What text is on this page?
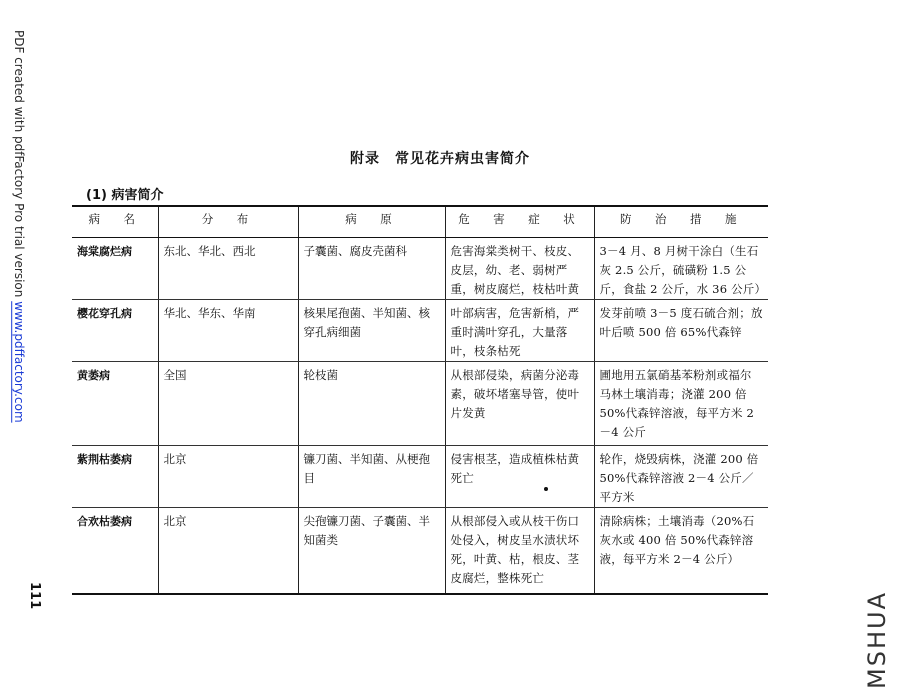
PDF created with pdfFactory Pro trial version www.pdffactory.com
附录　常见花卉病虫害简介
(1) 病害简介
病　名	分　布	病　原	危　害　症　状	防　治　措　施
海棠腐烂病	东北、华北、西北	子囊菌、腐皮壳菌科	危害海棠类树干、枝皮、皮层，幼、老、弱树严重，树皮腐烂，枝枯叶黄	3－4 月、8 月树干涂白（生石灰 2.5 公斤，硫磺粉 1.5 公斤，食盐 2 公斤，水 36 公斤）
樱花穿孔病	华北、华东、华南	核果尾孢菌、半知菌、核穿孔病细菌	叶部病害，危害新梢，严重时满叶穿孔，大量落叶，枝条枯死	发芽前喷 3－5 度石硫合剂；放叶后喷 500 倍 65%代森锌
黄萎病	全国	轮枝菌	从根部侵染，病菌分泌毒素，破坏堵塞导管，使叶片发黄	圃地用五氯硝基苯粉剂或福尔马林土壤消毒；浇灌 200 倍 50%代森锌溶液，每平方米 2－4 公斤
紫荆枯萎病	北京	镰刀菌、半知菌、从梗孢目	侵害根茎，造成植株枯黄死亡	轮作，烧毁病株，浇灌 200 倍 50%代森锌溶液 2－4 公斤／平方米
合欢枯萎病	北京	尖孢镰刀菌、子囊菌、半知菌类	从根部侵入或从枝干伤口处侵入，树皮呈水渍状坏死，叶黄、枯，根皮、茎皮腐烂，整株死亡	清除病株；土壤消毒（20%石灰水或 400 倍 50%代森锌溶液，每平方米 2－4 公斤）
111	MSHUA
